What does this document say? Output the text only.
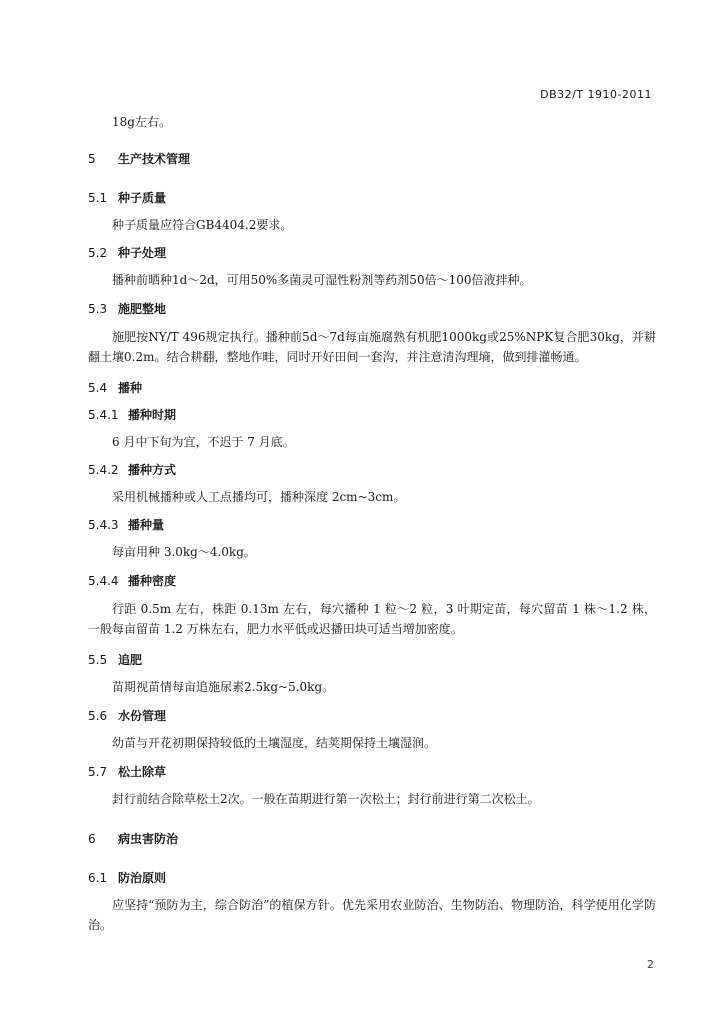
DB32/T 1910-2011
18g左右。
5 生产技术管理
5.1 种子质量
种子质量应符合GB4404.2要求。
5.2 种子处理
播种前晒种1d～2d，可用50%多菌灵可湿性粉剂等药剂50倍～100倍液拌种。
5.3 施肥整地
施肥按NY/T 496规定执行。播种前5d～7d每亩施腐熟有机肥1000kg或25%NPK复合肥30kg，并耕翻土壤0.2m。结合耕翻，整地作畦，同时开好田间一套沟，并注意清沟理墒，做到排灌畅通。
5.4 播种
5.4.1 播种时期
6 月中下旬为宜，不迟于 7 月底。
5.4.2 播种方式
采用机械播种或人工点播均可，播种深度 2cm~3cm。
5.4.3 播种量
每亩用种 3.0kg～4.0kg。
5.4.4 播种密度
行距 0.5m 左右，株距 0.13m 左右，每穴播种 1 粒～2 粒，3 叶期定苗，每穴留苗 1 株～1.2 株，一般每亩留苗 1.2 万株左右，肥力水平低或迟播田块可适当增加密度。
5.5 追肥
苗期视苗情每亩追施尿素2.5kg~5.0kg。
5.6 水份管理
幼苗与开花初期保持较低的土壤湿度，结荚期保持土壤湿润。
5.7 松土除草
封行前结合除草松土2次。一般在苗期进行第一次松土；封行前进行第二次松土。
6 病虫害防治
6.1 防治原则
应坚持“预防为主，综合防治”的植保方针。优先采用农业防治、生物防治、物理防治，科学使用化学防治。
2
